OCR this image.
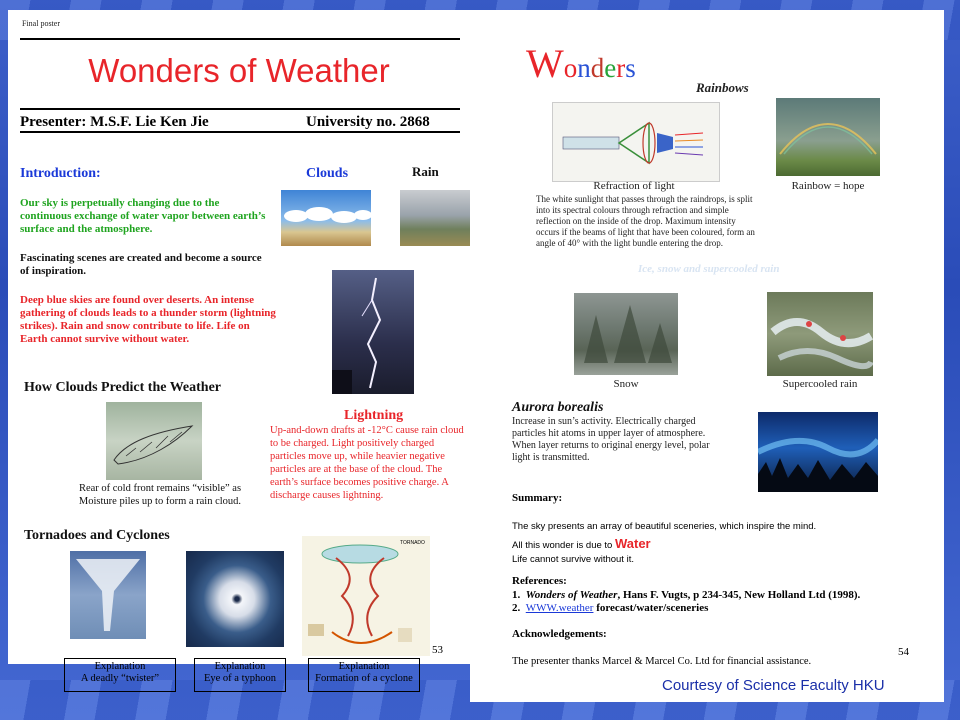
Final poster
Wonders of Weather
Presenter: M.S.F. Lie Ken Jie	University no. 2868
Introduction:	Clouds	Rain
Our sky is perpetually changing due to the continuous exchange of water vapor between earth’s surface and the atmosphere.
Fascinating scenes are created and become a source of inspiration.
Deep blue skies are found over deserts. An intense gathering of clouds leads to a thunder storm (lightning strikes). Rain and snow contribute to life. Life on Earth cannot survive without water.
How Clouds Predict the Weather
Rear of cold front remains “visible” as Moisture piles up to form a rain cloud.
Lightning
Up-and-down drafts at -12°C cause rain cloud to be charged. Light positively charged particles move up, while heavier negative particles are at the base of the cloud. The earth’s surface becomes positive charge. A discharge causes lightning.
Tornadoes and Cyclones	TORNADO
53
Explanation
A deadly “twister”
Explanation
Eye of a typhoon
Explanation
Formation of a cyclone
Wonders
Rainbows
Refraction of light	Rainbow = hope
The white sunlight that passes through the raindrops, is split into its spectral colours through refraction and simple reflection on the inside of the drop. Maximum intensity occurs if the beams of light that have been coloured, form an angle of 40° with the light bundle entering the drop.
Ice, snow and supercooled rain
Snow	Supercooled rain
Aurora borealis
Increase in sun’s activity. Electrically charged particles hit atoms in upper layer of atmosphere. When layer returns to original energy level, polar light is transmitted.
Summary:
The sky presents an array of beautiful sceneries, which inspire the mind.
All this wonder is due to Water
Life cannot survive without it.
References:
1. Wonders of Weather, Hans F. Vugts, p 234-345, New Holland Ltd (1998).
2. WWW.weather forecast/water/sceneries
Acknowledgements:
The presenter thanks Marcel & Marcel Co. Ltd for financial assistance.
54
Courtesy of Science Faculty HKU
